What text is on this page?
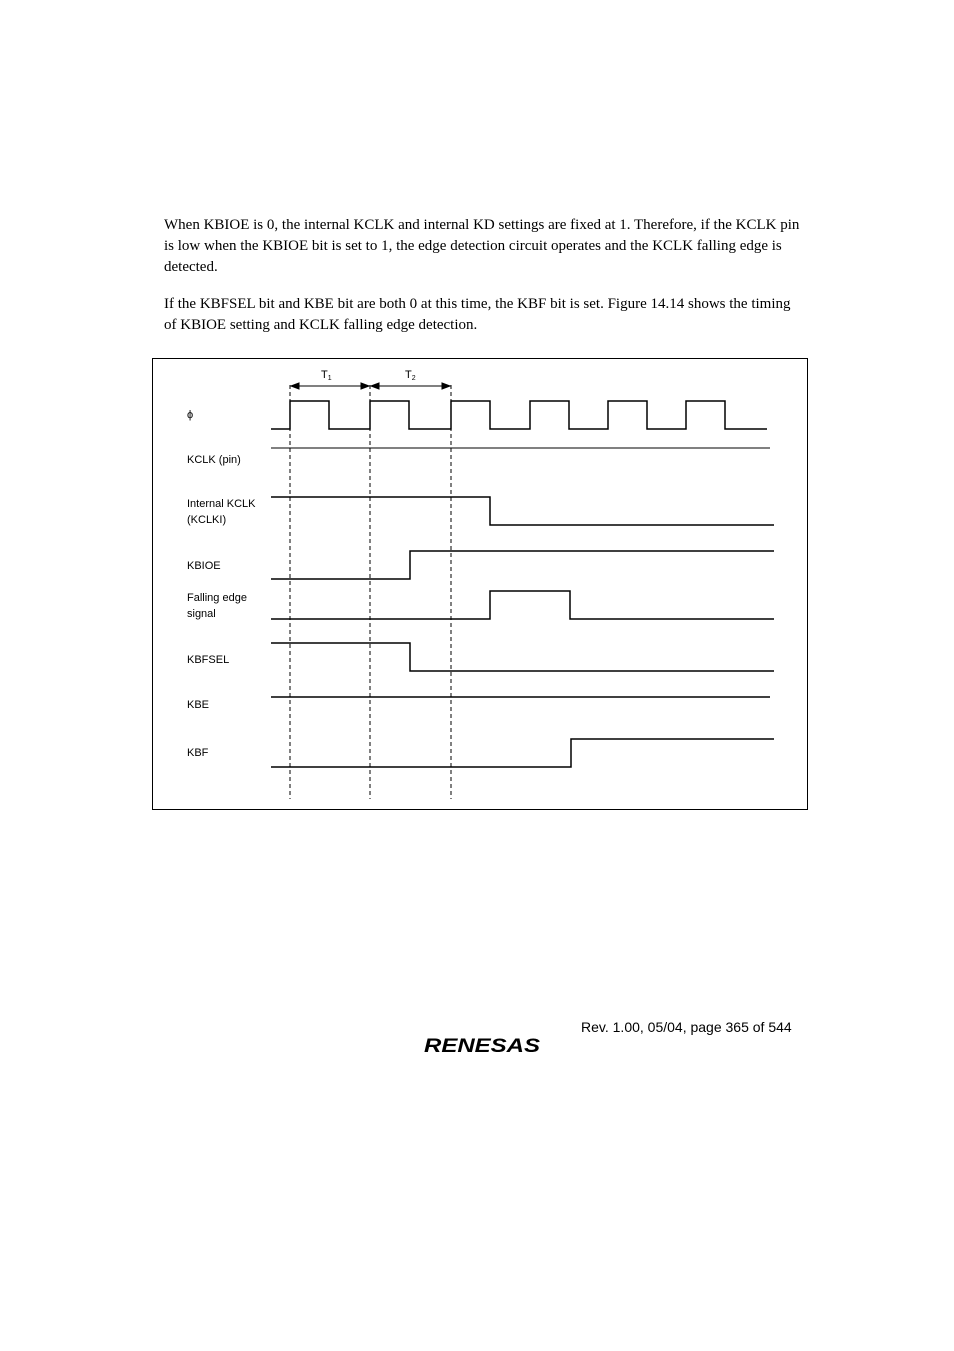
When KBIOE is 0, the internal KCLK and internal KD settings are fixed at 1. Therefore, if the KCLK pin is low when the KBIOE bit is set to 1, the edge detection circuit operates and the KCLK falling edge is detected.

If the KBFSEL bit and KBE bit are both 0 at this time, the KBF bit is set. Figure 14.14 shows the timing of KBIOE setting and KCLK falling edge detection.

$T_1$	$T_2$
ϕ
KCLK (pin)
Internal KCLK
(KCLKI)
KBIOE
Falling edge
signal
KBFSEL
KBE
KBF
Rev. 1.00, 05/04, page 365 of 544
RENESAS
